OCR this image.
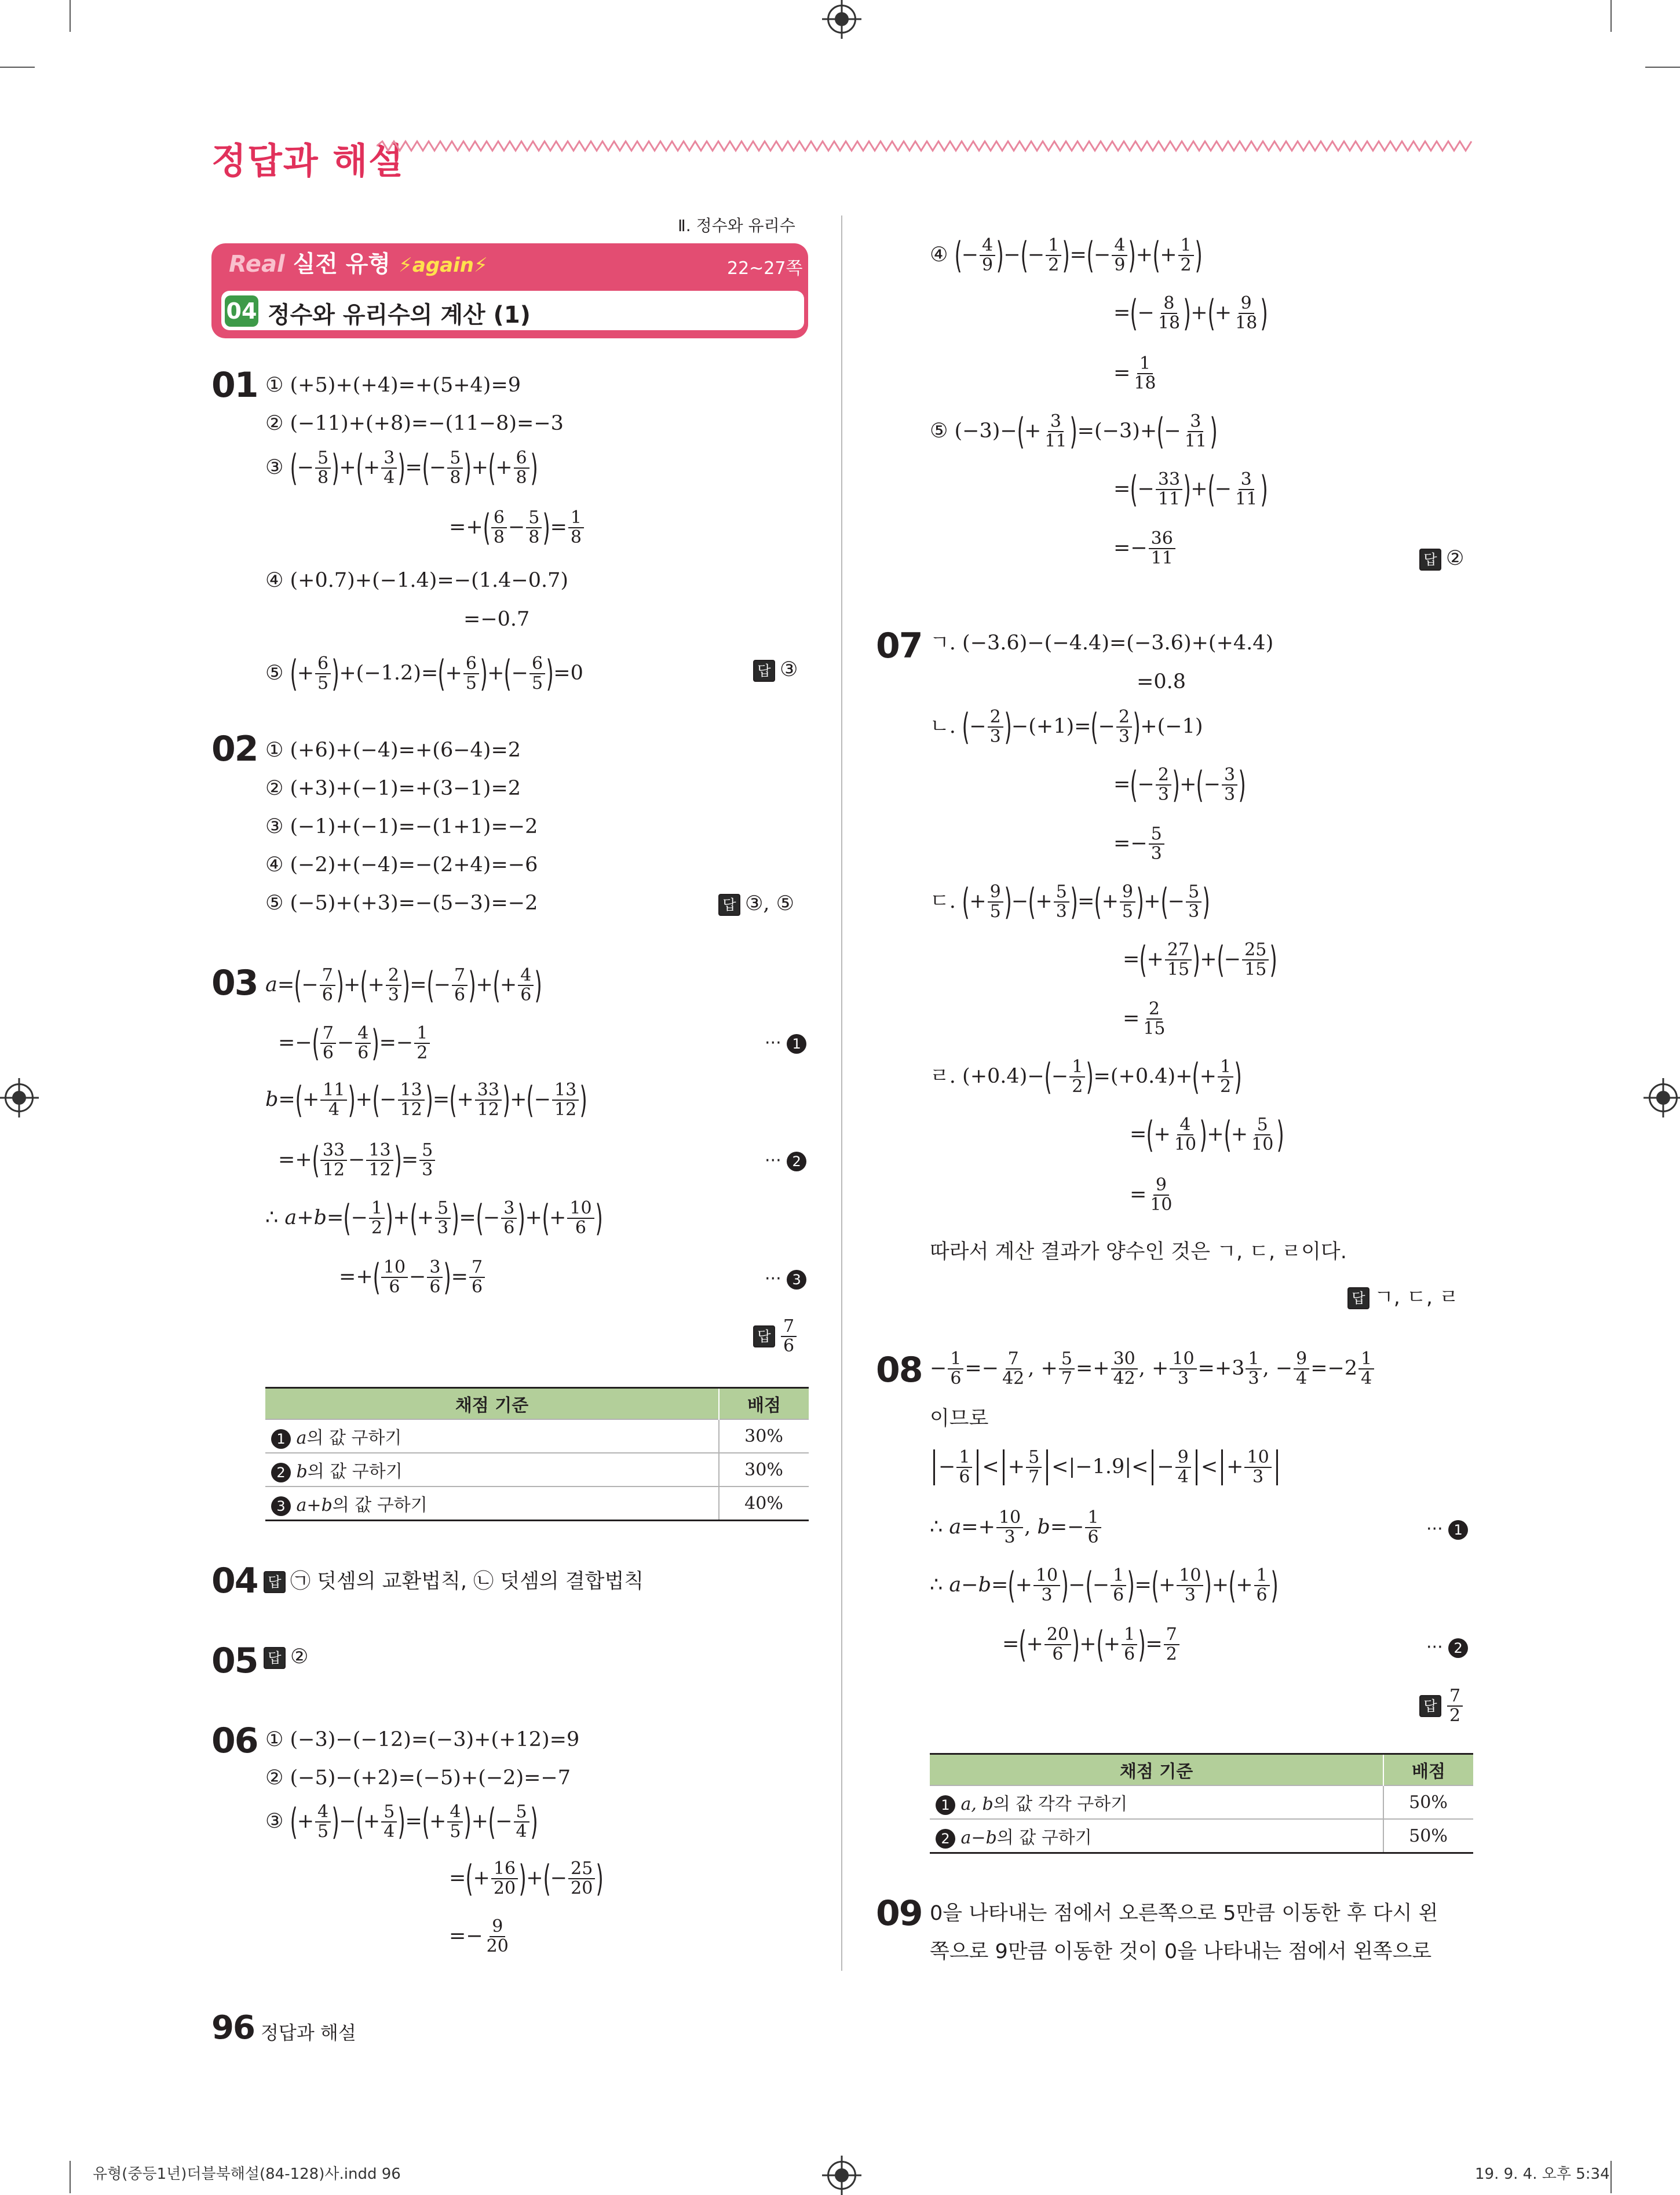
정답과 해설
Ⅱ. 정수와 유리수
Real 실전 유형 ⚡again⚡	22~27쪽
04 정수와 유리수의 계산 (1)
01 ① (+5)+(+4)=+(5+4)=9
② (−11)+(+8)=−(11−8)=−3
③ (− $\frac{5}{8}$ )+(+ $\frac{3}{4}$ )=(− $\frac{5}{8}$ )+(+ $\frac{6}{8}$ )
=+( $\frac{6}{8} - \frac{5}{8}$ )= $\frac{1}{8}$
④ (+0.7)+(−1.4)=−(1.4−0.7)
=−0.7
⑤ (+ $\frac{6}{5} )+(-1.2)=(+ \frac{6}{5}$ )+(− $\frac{6}{5} )=0$	답 ③
02 ① (+6)+(−4)=+(6−4)=2
② (+3)+(−1)=+(3−1)=2
③ (−1)+(−1)=−(1+1)=−2
④ (−2)+(−4)=−(2+4)=−6
⑤ (−5)+(+3)=−(5−3)=−2	답 ③, ⑤
03 $a=(- \frac{7}{6}$ )+(+ $\frac{2}{3}$ )=(− $\frac{7}{6}$ )+(+ $\frac{4}{6}$ )
=−( $\frac{7}{6} - \frac{4}{6}$ )=− $\frac{1}{2}$	··· 1
$b=(+ \frac{11}{4}$ )+(− $\frac{13}{12}$ )=(+ $\frac{33}{12}$ )+(− $\frac{13}{12}$ )
=+( $\frac{33}{12} - \frac{13}{12}$ )= $\frac{5}{3}$	··· 2
∴ $a+b=(- \frac{1}{2}$ )+(+ $\frac{5}{3}$ )=(− $\frac{3}{6}$ )+(+ $\frac{10}{6}$ )
=+( $\frac{10}{6} - \frac{3}{6}$ )= $\frac{7}{6}$	··· 3
답 $\frac{7}{6}$
채점 기준	배점
1 a의 값 구하기	30%
2 b의 값 구하기	30%
3 a+b의 값 구하기	40%
04 답 ㉠ 덧셈의 교환법칙, ㉡ 덧셈의 결합법칙
05 답 ②
06 ① (−3)−(−12)=(−3)+(+12)=9
② (−5)−(+2)=(−5)+(−2)=−7
③ (+ $\frac{4}{5}$ )−(+ $\frac{5}{4}$ )=(+ $\frac{4}{5}$ )+(− $\frac{5}{4}$ )
=(+ $\frac{16}{20}$ )+(− $\frac{25}{20}$ )
=− $\frac{9}{20}$
④ (− $\frac{4}{9}$ )−(− $\frac{1}{2}$ )=(− $\frac{4}{9}$ )+(+ $\frac{1}{2}$ )
=(− $\frac{8}{18}$ )+(+ $\frac{9}{18}$ )
= $\frac{1}{18}$
⑤ $(-3)-(+ \frac{3}{11} )=(-3)+(- \frac{3}{11}$ )
=(− $\frac{33}{11}$ )+(− $\frac{3}{11}$ )
=− $\frac{36}{11}$	답 ②
07 ㄱ. (−3.6)−(−4.4)=(−3.6)+(+4.4)
=0.8
ㄴ. (− $\frac{2}{3} )-(+1)=(- \frac{2}{3} )+(-1)$
=(− $\frac{2}{3}$ )+(− $\frac{3}{3}$ )
=− $\frac{5}{3}$
ㄷ. (+ $\frac{9}{5}$ )−(+ $\frac{5}{3}$ )=(+ $\frac{9}{5}$ )+(− $\frac{5}{3}$ )
=(+ $\frac{27}{15}$ )+(− $\frac{25}{15}$ )
= $\frac{2}{15}$
ㄹ. $(+0.4)-(- \frac{1}{2} )=(+0.4)+(+ \frac{1}{2}$ )
=(+ $\frac{4}{10}$ )+(+ $\frac{5}{10}$ )
= $\frac{9}{10}$
따라서 계산 결과가 양수인 것은 ㄱ, ㄷ, ㄹ이다.
답 ㄱ, ㄷ, ㄹ
$08 - \frac{1}{6} =- \frac{7}{42}$ , + $\frac{5}{7} =+ \frac{30}{42}$ , + $\frac{10}{3} =+3 \frac{1}{3}$ , − $\frac{9}{4} =-2 \frac{1}{4}$
이므로
− $\frac{1}{6}$ < + $\frac{5}{7} <|-1.9|< - \frac{9}{4}$ < + $\frac{10}{3}$
∴ $a=+ \frac{10}{3}$ , $b=- \frac{1}{6}$	··· 1
∴ $a-b=(+ \frac{10}{3}$ )−(− $\frac{1}{6}$ )=(+ $\frac{10}{3}$ )+(+ $\frac{1}{6}$ )
=(+ $\frac{20}{6}$ )+(+ $\frac{1}{6}$ )= $\frac{7}{2}$	··· 2
답 $\frac{7}{2}$
채점 기준	배점
1 a, b의 값 각각 구하기	50%
2 a−b의 값 구하기	50%
09 0을 나타내는 점에서 오른쪽으로 5만큼 이동한 후 다시 왼
쪽으로 9만큼 이동한 것이 0을 나타내는 점에서 왼쪽으로
96 정답과 해설
유형(중등1년)더블북해설(84-128)사.indd 96	19. 9. 4. 오후 5:34
